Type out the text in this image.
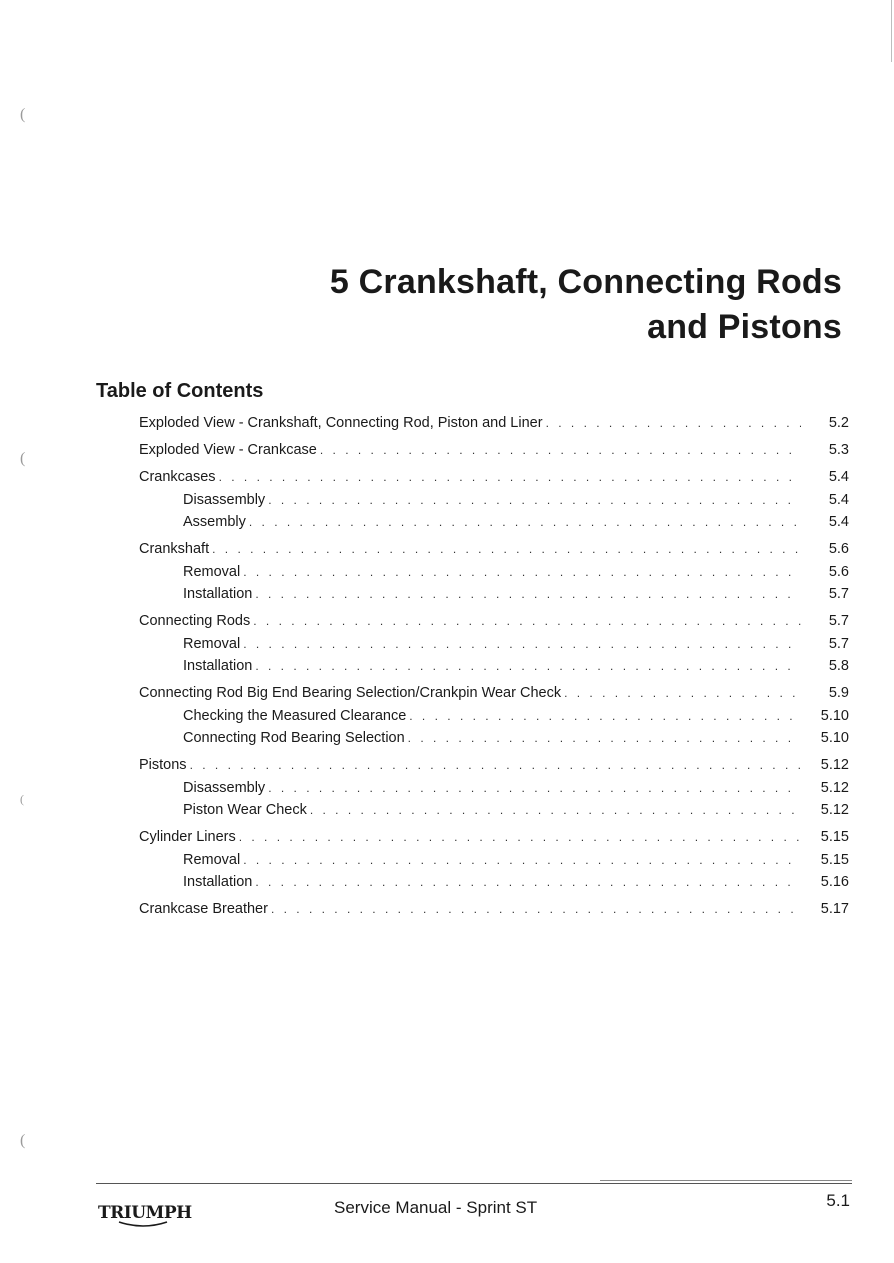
(
(
(
(
5 Crankshaft, Connecting Rods
and Pistons
Table of Contents
Exploded View - Crankshaft, Connecting Rod, Piston and Liner . . .	5.2
Exploded View - Crankcase . . .	5.3
Crankcases . . .	5.4
Disassembly . . .	5.4
Assembly . . .	5.4
Crankshaft . . .	5.6
Removal . . .	5.6
Installation . . .	5.7
Connecting Rods . . .	5.7
Removal . . .	5.7
Installation . . .	5.8
Connecting Rod Big End Bearing Selection/Crankpin Wear Check . . .	5.9
Checking the Measured Clearance . . .	5.10
Connecting Rod Bearing Selection . . .	5.10
Pistons . . .	5.12
Disassembly . . .	5.12
Piston Wear Check . . .	5.12
Cylinder Liners . . .	5.15
Removal . . .	5.15
Installation . . .	5.16
Crankcase Breather . . .	5.17
TRIUMPH	Service Manual - Sprint ST	5.1
